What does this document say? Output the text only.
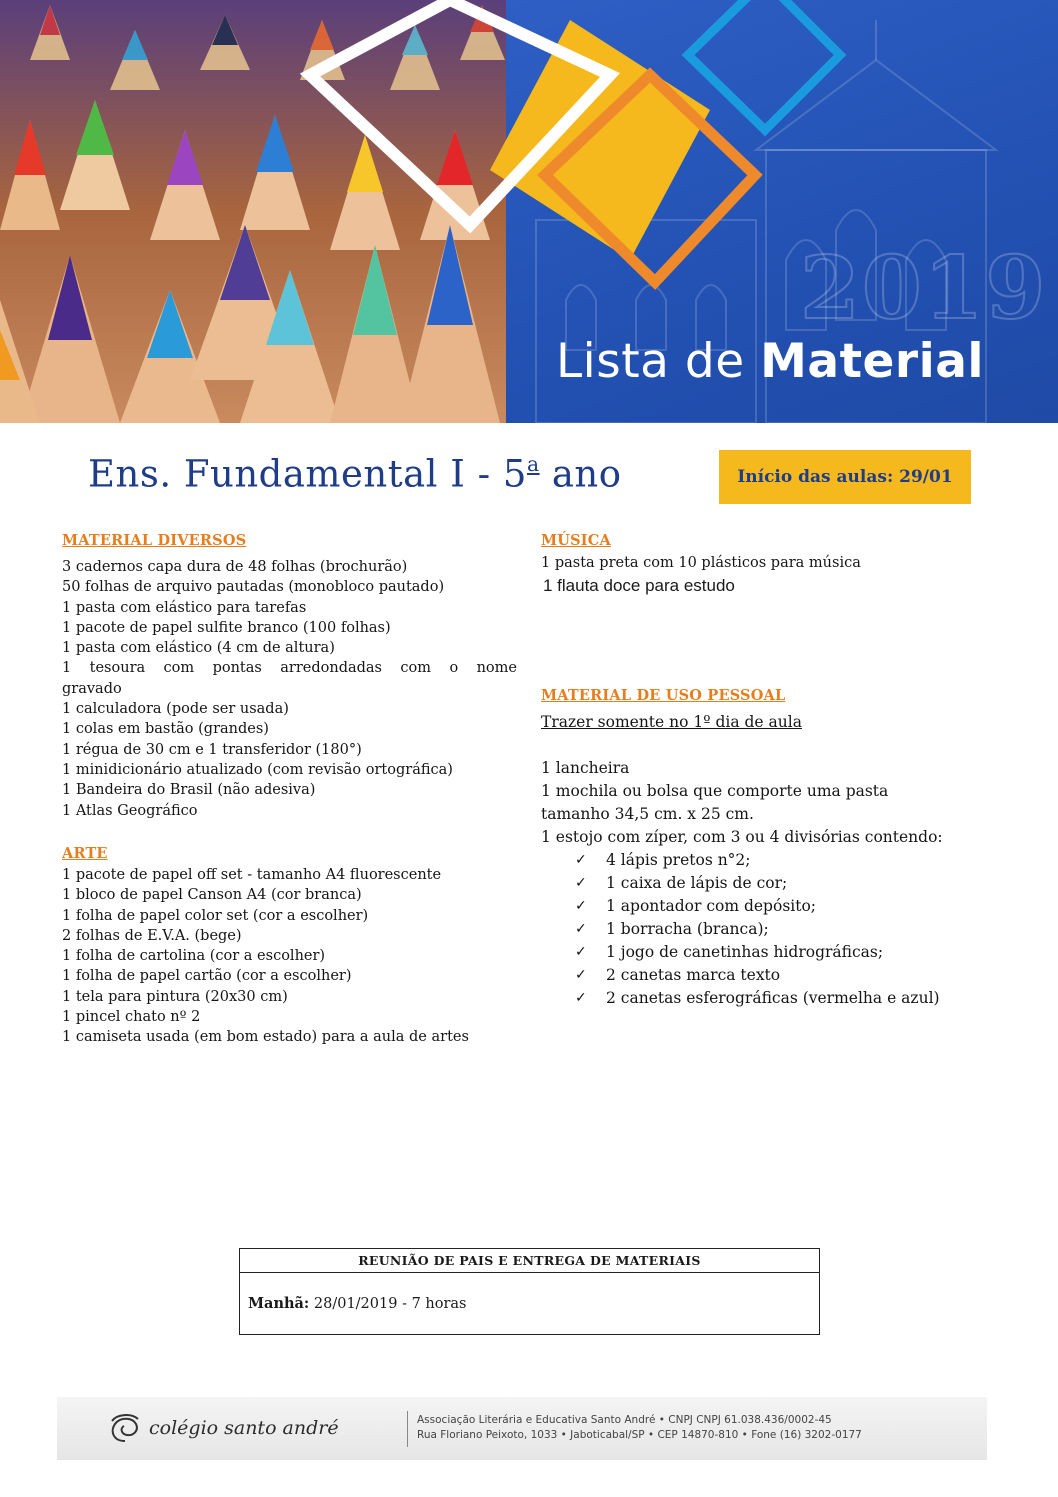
2019
Lista de Material
Ens. Fundamental I - 5$^a$ ano	Início das aulas: 29/01
MATERIAL DIVERSOS
3 cadernos capa dura de 48 folhas (brochurão)
50 folhas de arquivo pautadas (monobloco pautado)
1 pasta com elástico para tarefas
1 pacote de papel sulfite branco (100 folhas)
1 pasta com elástico (4 cm de altura)
1 tesoura com pontas arredondadas com o nome
gravado
1 calculadora (pode ser usada)
1 colas em bastão (grandes)
1 régua de 30 cm e 1 transferidor (180°)
1 minidicionário atualizado (com revisão ortográfica)
1 Bandeira do Brasil (não adesiva)
1 Atlas Geográfico
ARTE
1 pacote de papel off set - tamanho A4 fluorescente
1 bloco de papel Canson A4 (cor branca)
1 folha de papel color set (cor a escolher)
2 folhas de E.V.A. (bege)
1 folha de cartolina (cor a escolher)
1 folha de papel cartão (cor a escolher)
1 tela para pintura (20x30 cm)
1 pincel chato nº 2
1 camiseta usada (em bom estado) para a aula de artes
MÚSICA
1 pasta preta com 10 plásticos para música
1 flauta doce para estudo
MATERIAL DE USO PESSOAL
Trazer somente no 1º dia de aula
1 lancheira
1 mochila ou bolsa que comporte uma pasta
tamanho 34,5 cm. x 25 cm.
1 estojo com zíper, com 3 ou 4 divisórias contendo:
✓	4 lápis pretos n°2;
✓	1 caixa de lápis de cor;
✓	1 apontador com depósito;
✓	1 borracha (branca);
✓	1 jogo de canetinhas hidrográficas;
✓	2 canetas marca texto
✓	2 canetas esferográficas (vermelha e azul)
REUNIÃO DE PAIS E ENTREGA DE MATERIAIS
Manhã: 28/01/2019 - 7 horas
colégio santo andré	Associação Literária e Educativa Santo André • CNPJ CNPJ 61.038.436/0002-45
Rua Floriano Peixoto, 1033 • Jaboticabal/SP • CEP 14870-810 • Fone (16) 3202-0177
